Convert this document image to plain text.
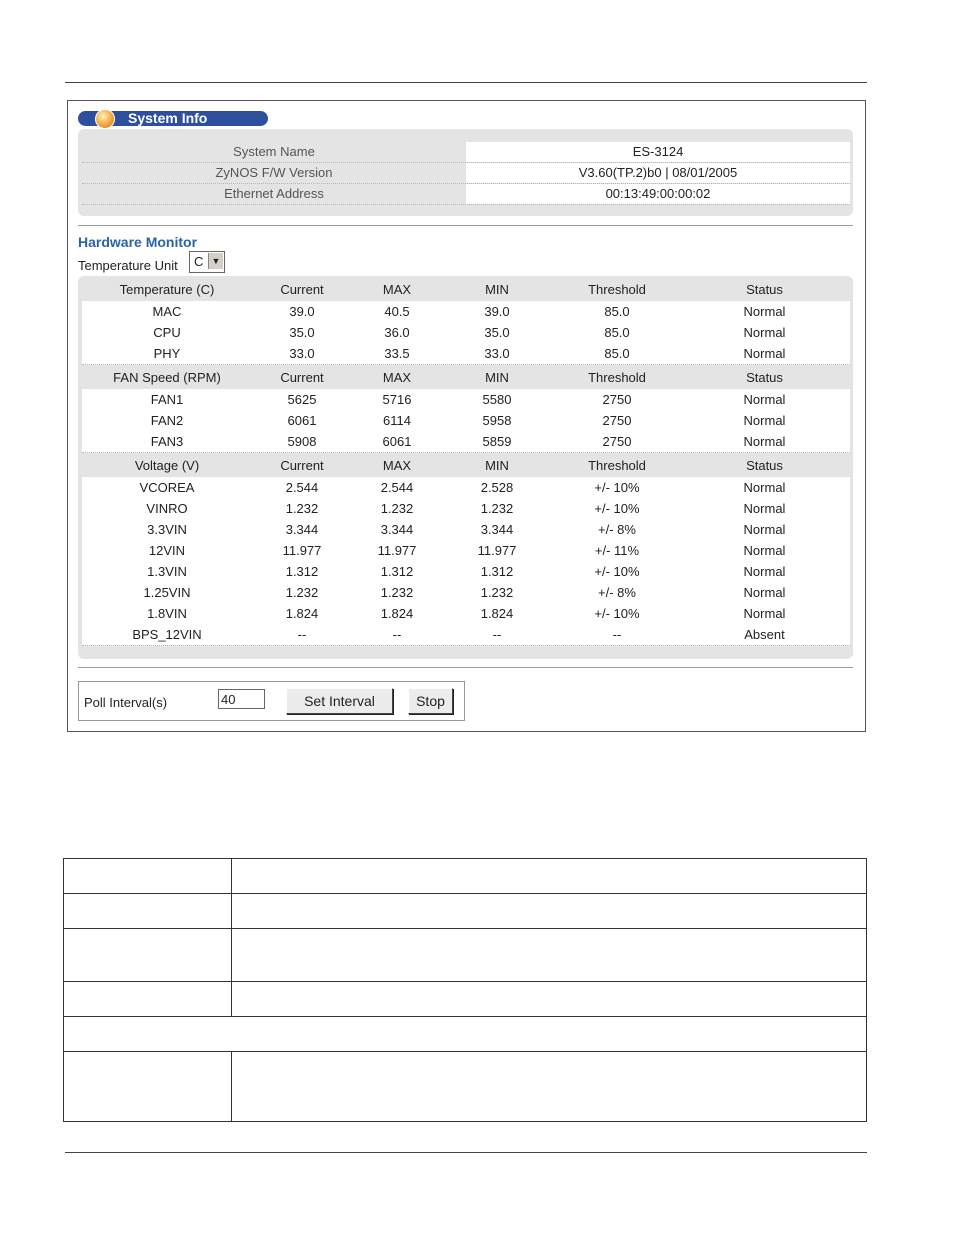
System Info
System Name	ES-3124
ZyNOS F/W Version	V3.60(TP.2)b0 | 08/01/2005
Ethernet Address	00:13:49:00:00:02
Hardware Monitor
Temperature Unit C ▼
Temperature (C)	Current	MAX	MIN	Threshold	Status
MAC	39.0	40.5	39.0	85.0	Normal
CPU	35.0	36.0	35.0	85.0	Normal
PHY	33.0	33.5	33.0	85.0	Normal
FAN Speed (RPM)	Current	MAX	MIN	Threshold	Status
FAN1	5625	5716	5580	2750	Normal
FAN2	6061	6114	5958	2750	Normal
FAN3	5908	6061	5859	2750	Normal
Voltage (V)	Current	MAX	MIN	Threshold	Status
VCOREA	2.544	2.544	2.528	+/- 10%	Normal
VINRO	1.232	1.232	1.232	+/- 10%	Normal
3.3VIN	3.344	3.344	3.344	+/- 8%	Normal
12VIN	11.977	11.977	11.977	+/- 11%	Normal
1.3VIN	1.312	1.312	1.312	+/- 10%	Normal
1.25VIN	1.232	1.232	1.232	+/- 8%	Normal
1.8VIN	1.824	1.824	1.824	+/- 10%	Normal
BPS_12VIN	--	--	--	--	Absent
Poll Interval(s)	40	Set Interval	Stop
